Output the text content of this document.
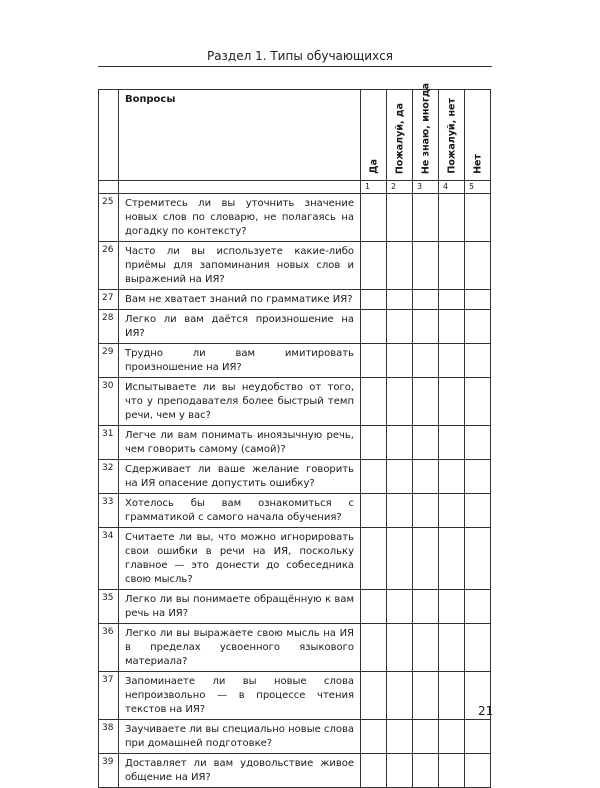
Раздел 1. Типы обучающихся
	Вопросы	Да	Пожалуй, да	Не знаю, иногда	Пожалуй, нет	Нет

		1	2	3	4	5
25	Стремитесь ли вы уточнить значение новых слов по словарю, не полагаясь на догадку по контексту?					
26	Часто ли вы используете какие-либо приёмы для запоминания новых слов и выражений на ИЯ?					
27	Вам не хватает знаний по грамматике ИЯ?					
28	Легко ли вам даётся произношение на ИЯ?					
29	Трудно ли вам имитировать произношение на ИЯ?					
30	Испытываете ли вы неудобство от того, что у преподавателя более быстрый темп речи, чем у вас?					
31	Легче ли вам понимать иноязычную речь, чем говорить самому (самой)?					
32	Сдерживает ли ваше желание говорить на ИЯ опасение допустить ошибку?					
33	Хотелось бы вам ознакомиться с грамматикой с самого начала обучения?					
34	Считаете ли вы, что можно игнорировать свои ошибки в речи на ИЯ, поскольку главное — это донести до собеседника свою мысль?					
35	Легко ли вы понимаете обращённую к вам речь на ИЯ?					
36	Легко ли вы выражаете свою мысль на ИЯ в пределах усвоенного языкового материала?					
37	Запоминаете ли вы новые слова непроизвольно — в процессе чтения текстов на ИЯ?					
38	Заучиваете ли вы специально новые слова при домашней подготовке?					
39	Доставляет ли вам удовольствие живое общение на ИЯ?					
21
